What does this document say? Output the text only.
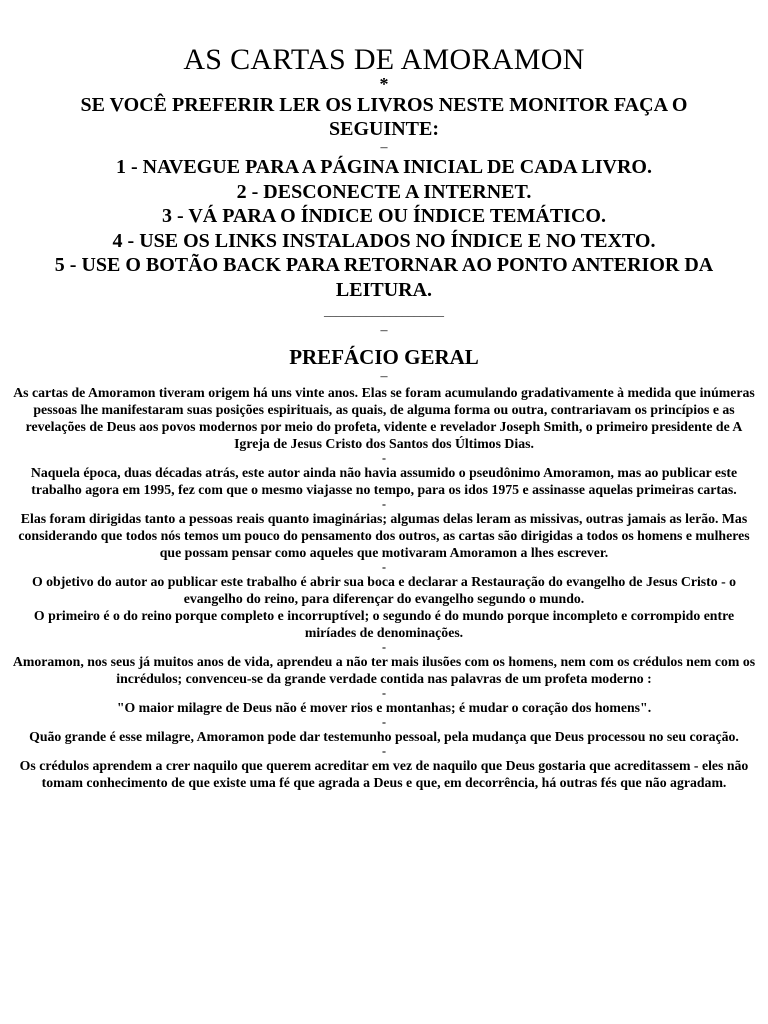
AS CARTAS DE AMORAMON

*

SE VOCÊ PREFERIR LER OS LIVROS NESTE MONITOR FAÇA O SEGUINTE:

–

1 - NAVEGUE PARA A PÁGINA INICIAL DE CADA LIVRO.

2 - DESCONECTE A INTERNET.

3 - VÁ PARA O ÍNDICE OU ÍNDICE TEMÁTICO.

4 - USE OS LINKS INSTALADOS NO ÍNDICE E NO TEXTO.

5 - USE O BOTÃO BACK PARA RETORNAR AO PONTO ANTERIOR DA LEITURA.

____________________

–

PREFÁCIO GERAL

–

As cartas de Amoramon tiveram origem há uns vinte anos. Elas se foram acumulando gradativamente à medida que inúmeras pessoas lhe manifestaram suas posições espirituais, as quais, de alguma forma ou outra, contrariavam os princípios e as revelações de Deus aos povos modernos por meio do profeta, vidente e revelador Joseph Smith, o primeiro presidente de A Igreja de Jesus Cristo dos Santos dos Últimos Dias.

-

Naquela época, duas décadas atrás, este autor ainda não havia assumido o pseudônimo Amoramon, mas ao publicar este trabalho agora em 1995, fez com que o mesmo viajasse no tempo, para os idos 1975 e assinasse aquelas primeiras cartas.

-

Elas foram dirigidas tanto a pessoas reais quanto imaginárias; algumas delas leram as missivas, outras jamais as lerão. Mas considerando que todos nós temos um pouco do pensamento dos outros, as cartas são dirigidas a todos os homens e mulheres que possam pensar como aqueles que motivaram Amoramon a lhes escrever.

-

O objetivo do autor ao publicar este trabalho é abrir sua boca e declarar a Restauração do evangelho de Jesus Cristo - o evangelho do reino, para diferençar do evangelho segundo o mundo.

O primeiro é o do reino porque completo e incorruptível; o segundo é do mundo porque incompleto e corrompido entre miríades de denominações.

-

Amoramon, nos seus já muitos anos de vida, aprendeu a não ter mais ilusões com os homens, nem com os crédulos nem com os incrédulos; convenceu-se da grande verdade contida nas palavras de um profeta moderno :

-

"O maior milagre de Deus não é mover rios e montanhas; é mudar o coração dos homens".

-

Quão grande é esse milagre, Amoramon pode dar testemunho pessoal, pela mudança que Deus processou no seu coração.

-

Os crédulos aprendem a crer naquilo que querem acreditar em vez de naquilo que Deus gostaria que acreditassem - eles não tomam conhecimento de que existe uma fé que agrada a Deus e que, em decorrência, há outras fés que não agradam.
